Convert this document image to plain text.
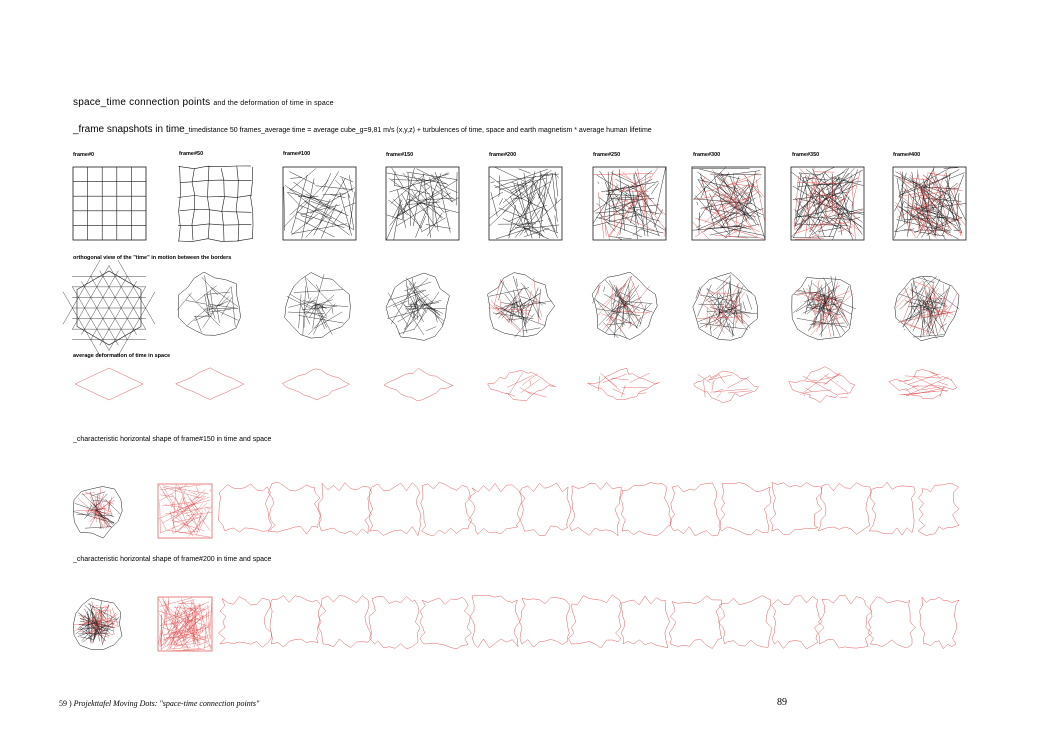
space_time connection points and the deformation of time in space
_frame snapshots in time_timedistance 50 frames_average time = average cube_g=9,81 m/s (x,y,z) + turbulences of time, space and earth magnetism * average human lifetime
frame#0	frame#50	frame#100	frame#150	frame#200	frame#250	frame#300	frame#350	frame#400
orthogonal view of the "time" in motion between the borders
average deformation of time in space
_characteristic horizontal shape of frame#150 in time and space
_characteristic horizontal shape of frame#200 in time and space
59 ) Projekttafel Moving Dots: "space-time connection points"	89
